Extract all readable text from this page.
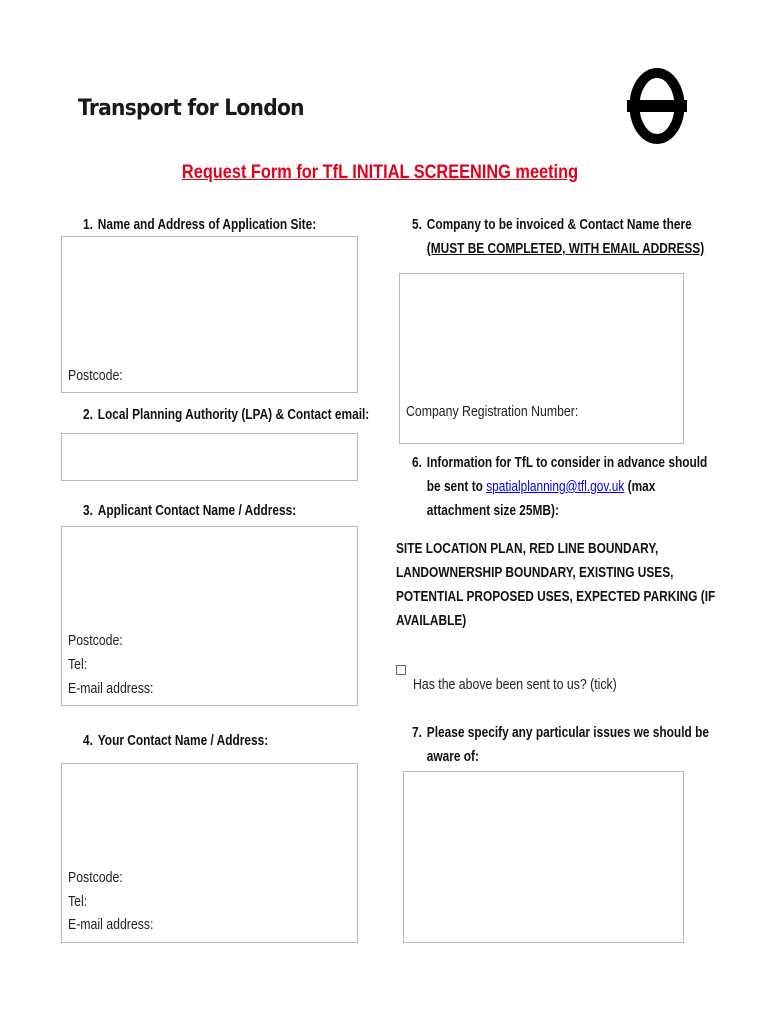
Transport for London
Request Form for TfL INITIAL SCREENING meeting
1. Name and Address of Application Site:
Postcode:
2. Local Planning Authority (LPA) & Contact email:
3. Applicant Contact Name / Address:
Postcode:
Tel:
E-mail address:
4. Your Contact Name / Address:
Postcode:
Tel:
E-mail address:
5. Company to be invoiced & Contact Name there
(MUST BE COMPLETED, WITH EMAIL ADDRESS)
Company Registration Number:
6. Information for TfL to consider in advance should
be sent to spatialplanning@tfl.gov.uk (max
attachment size 25MB):
SITE LOCATION PLAN, RED LINE BOUNDARY,
LANDOWNERSHIP BOUNDARY, EXISTING USES,
POTENTIAL PROPOSED USES, EXPECTED PARKING (IF
AVAILABLE)
Has the above been sent to us? (tick)
7. Please specify any particular issues we should be
aware of:
